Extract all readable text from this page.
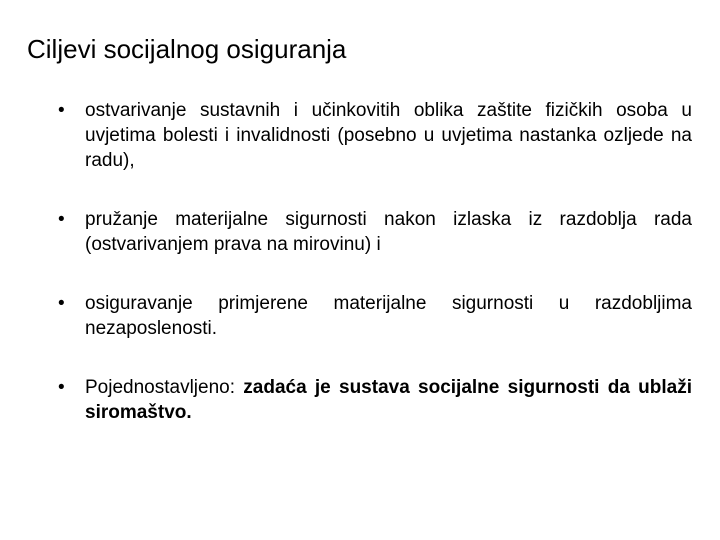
Ciljevi socijalnog osiguranja
• ostvarivanje sustavnih i učinkovitih oblika zaštite fizičkih osoba u uvjetima bolesti i invalidnosti (posebno u uvjetima nastanka ozljede na radu),
• pružanje materijalne sigurnosti nakon izlaska iz razdoblja rada (ostvarivanjem prava na mirovinu) i
• osiguravanje primjerene materijalne sigurnosti u razdobljima nezaposlenosti.
• Pojednostavljeno: zadaća je sustava socijalne sigurnosti da ublaži siromaštvo.
